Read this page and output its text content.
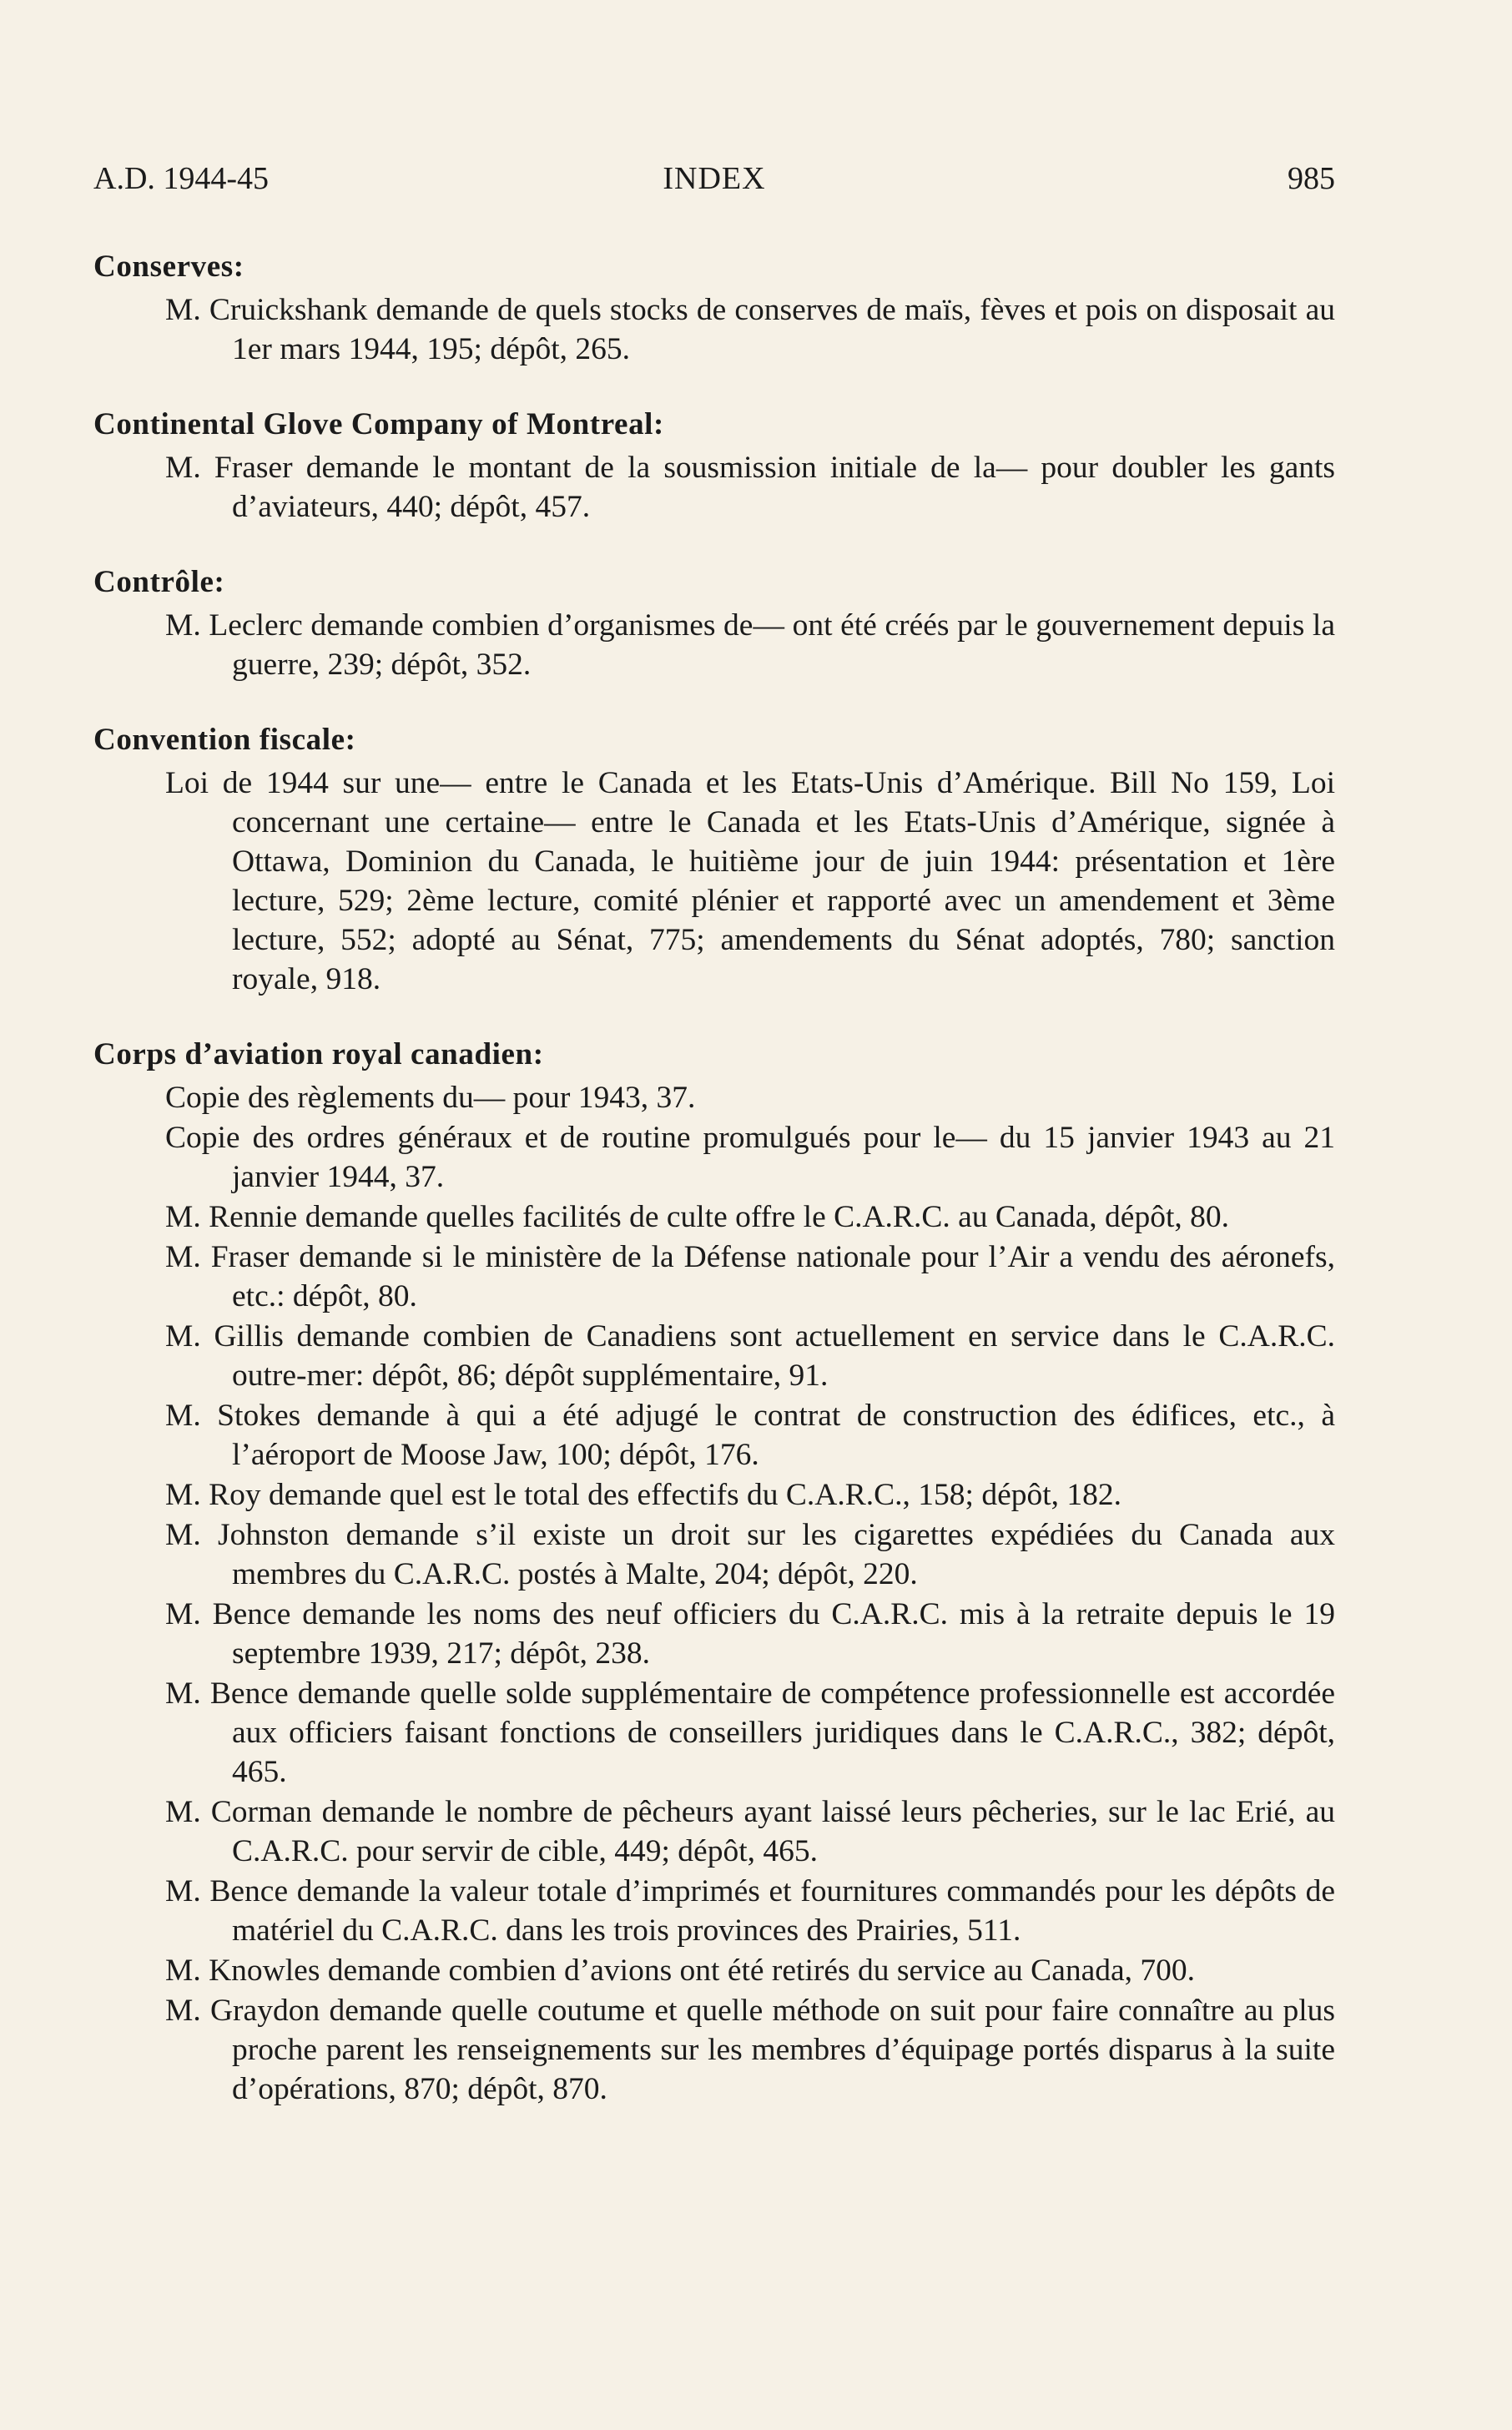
A.D. 1944-45	INDEX	985
Conserves:
M. Cruickshank demande de quels stocks de conserves de maïs, fèves et pois on disposait au 1er mars 1944, 195; dépôt, 265.
Continental Glove Company of Montreal:
M. Fraser demande le montant de la sousmission initiale de la— pour doubler les gants d’aviateurs, 440; dépôt, 457.
Contrôle:
M. Leclerc demande combien d’organismes de— ont été créés par le gouvernement depuis la guerre, 239; dépôt, 352.
Convention fiscale:
Loi de 1944 sur une— entre le Canada et les Etats-Unis d’Amérique. Bill No 159, Loi concernant une certaine— entre le Canada et les Etats-Unis d’Amérique, signée à Ottawa, Dominion du Canada, le huitième jour de juin 1944: présentation et 1ère lecture, 529; 2ème lecture, comité plénier et rapporté avec un amendement et 3ème lecture, 552; adopté au Sénat, 775; amendements du Sénat adoptés, 780; sanction royale, 918.
Corps d’aviation royal canadien:
Copie des règlements du— pour 1943, 37.
Copie des ordres généraux et de routine promulgués pour le— du 15 janvier 1943 au 21 janvier 1944, 37.
M. Rennie demande quelles facilités de culte offre le C.A.R.C. au Canada, dépôt, 80.
M. Fraser demande si le ministère de la Défense nationale pour l’Air a vendu des aéronefs, etc.: dépôt, 80.
M. Gillis demande combien de Canadiens sont actuellement en service dans le C.A.R.C. outre-mer: dépôt, 86; dépôt supplémentaire, 91.
M. Stokes demande à qui a été adjugé le contrat de construction des édifices, etc., à l’aéroport de Moose Jaw, 100; dépôt, 176.
M. Roy demande quel est le total des effectifs du C.A.R.C., 158; dépôt, 182.
M. Johnston demande s’il existe un droit sur les cigarettes expédiées du Canada aux membres du C.A.R.C. postés à Malte, 204; dépôt, 220.
M. Bence demande les noms des neuf officiers du C.A.R.C. mis à la retraite depuis le 19 septembre 1939, 217; dépôt, 238.
M. Bence demande quelle solde supplémentaire de compétence professionnelle est accordée aux officiers faisant fonctions de conseillers juridiques dans le C.A.R.C., 382; dépôt, 465.
M. Corman demande le nombre de pêcheurs ayant laissé leurs pêcheries, sur le lac Erié, au C.A.R.C. pour servir de cible, 449; dépôt, 465.
M. Bence demande la valeur totale d’imprimés et fournitures commandés pour les dépôts de matériel du C.A.R.C. dans les trois provinces des Prairies, 511.
M. Knowles demande combien d’avions ont été retirés du service au Canada, 700.
M. Graydon demande quelle coutume et quelle méthode on suit pour faire connaître au plus proche parent les renseignements sur les membres d’équipage portés disparus à la suite d’opérations, 870; dépôt, 870.
